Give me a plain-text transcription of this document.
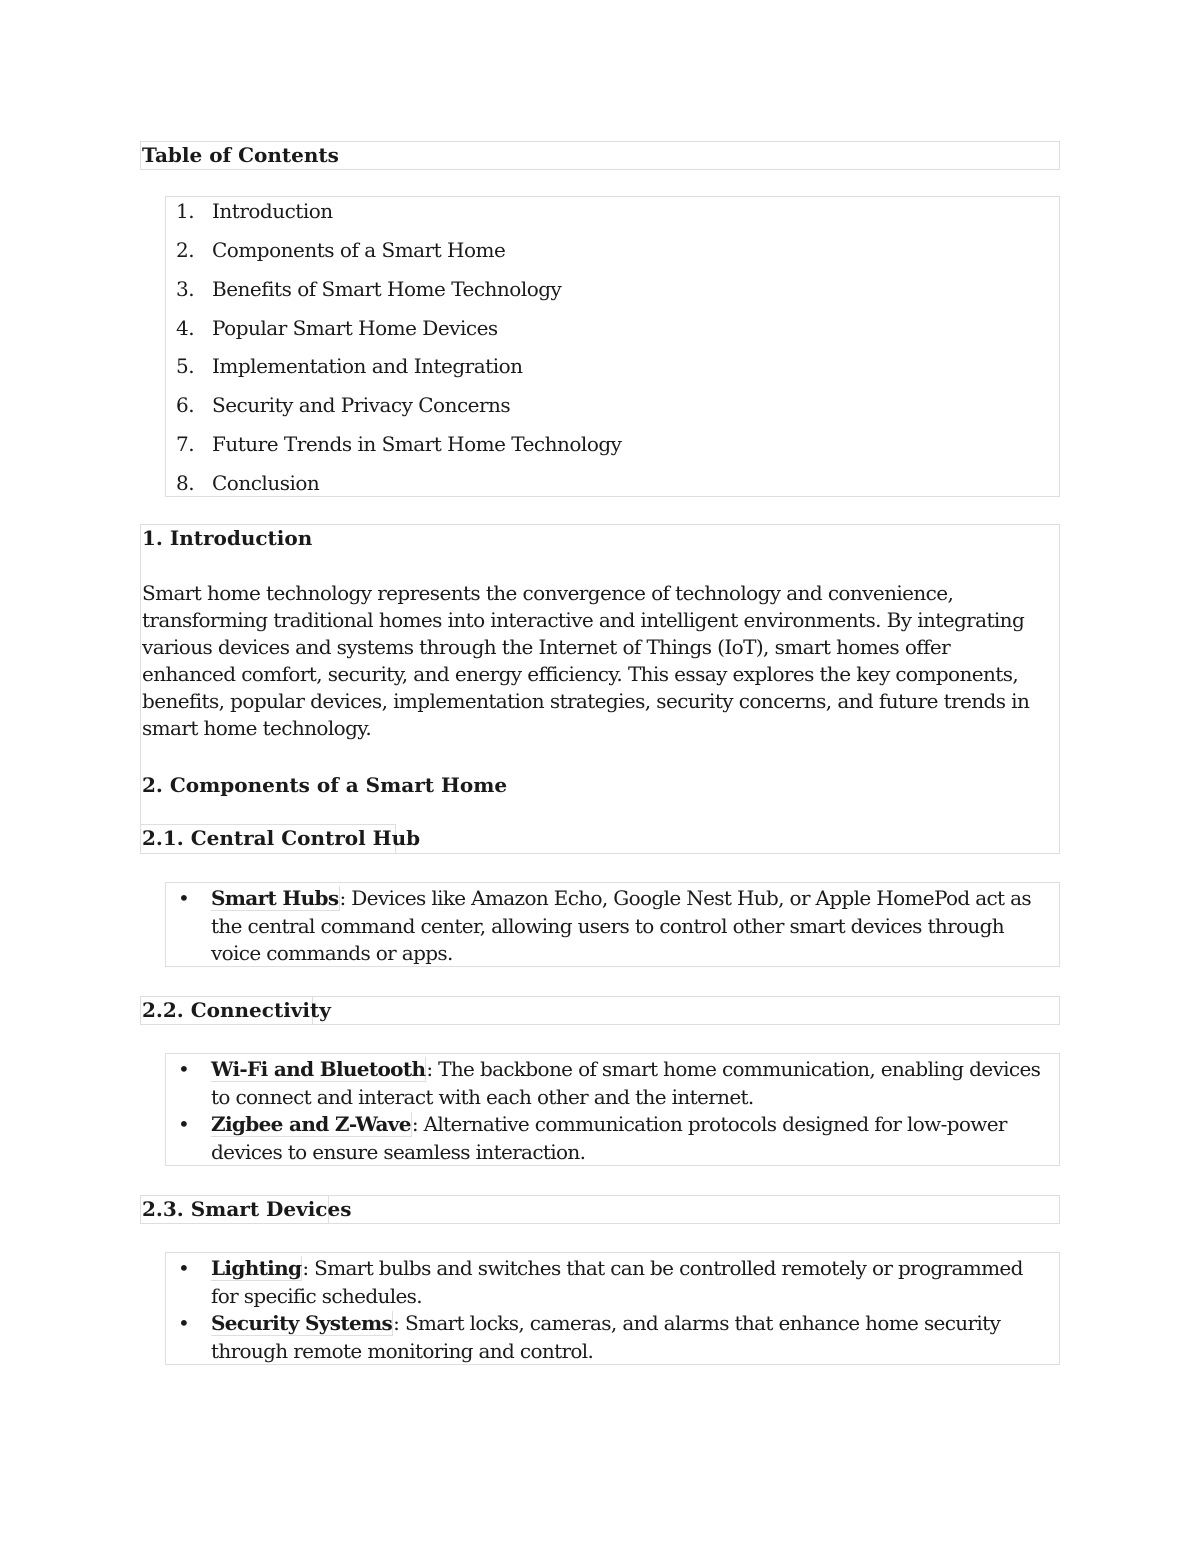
Table of Contents
1. Introduction
2. Components of a Smart Home
3. Benefits of Smart Home Technology
4. Popular Smart Home Devices
5. Implementation and Integration
6. Security and Privacy Concerns
7. Future Trends in Smart Home Technology
8. Conclusion
1. Introduction

Smart home technology represents the convergence of technology and convenience, transforming traditional homes into interactive and intelligent environments. By integrating various devices and systems through the Internet of Things (IoT), smart homes offer enhanced comfort, security, and energy efficiency. This essay explores the key components, benefits, popular devices, implementation strategies, security concerns, and future trends in smart home technology.

2. Components of a Smart Home
2.1. Central Control Hub
• Smart Hubs: Devices like Amazon Echo, Google Nest Hub, or Apple HomePod act as the central command center, allowing users to control other smart devices through voice commands or apps.
2.2. Connectivity
• Wi-Fi and Bluetooth: The backbone of smart home communication, enabling devices to connect and interact with each other and the internet.
• Zigbee and Z-Wave: Alternative communication protocols designed for low-power devices to ensure seamless interaction.
2.3. Smart Devices
• Lighting: Smart bulbs and switches that can be controlled remotely or programmed for specific schedules.
• Security Systems: Smart locks, cameras, and alarms that enhance home security through remote monitoring and control.
